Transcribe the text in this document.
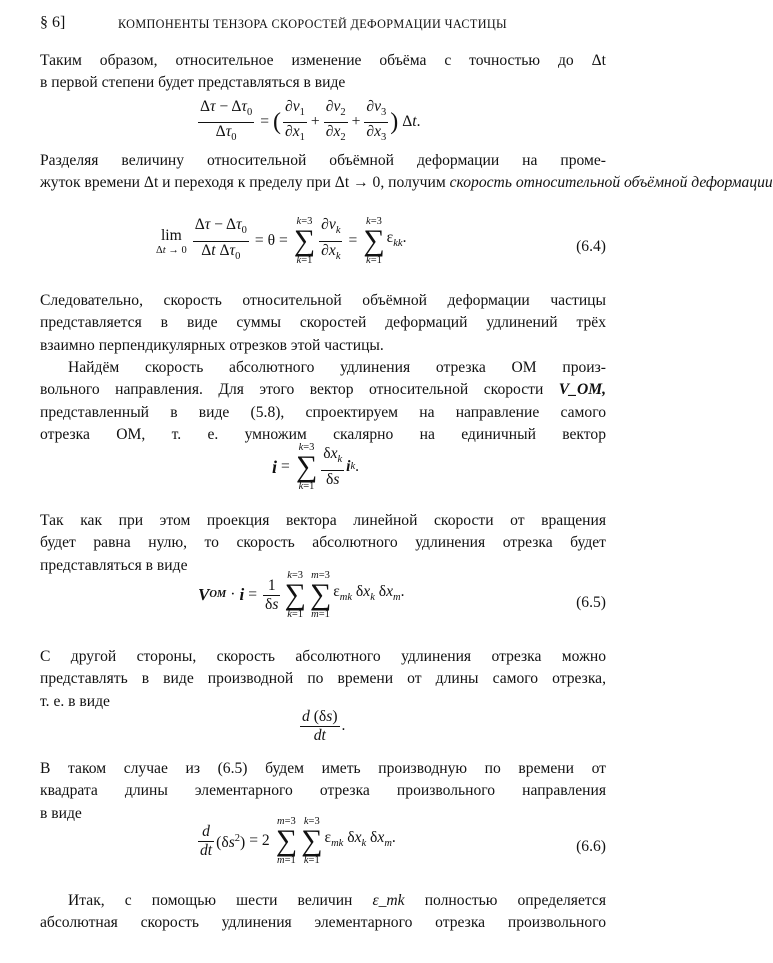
§ 6]	КОМПОНЕНТЫ ТЕНЗОРА СКОРОСТЕЙ ДЕФОРМАЦИИ ЧАСТИЦЫ
Таким образом, относительное изменение объёма с точностью до Δt
в первой степени будет представляться в виде
$\frac{\Delta\tau - \Delta\tau_0}{\Delta\tau_0}$ = ( $\frac{\partial v_1}{\partial x_1} + \frac{\partial v_2}{\partial x_2} + \frac{\partial v_3}{\partial x_3}$ ) Δt.
Разделяя величину относительной объёмной деформации на проме-
жуток времени Δt и переходя к пределу при Δt → 0, получим скорость относительной объёмной деформации
lim
$\Delta t \to 0 \frac{\Delta\tau - \Delta\tau_0}{\Delta t \Delta\tau_0} = \theta$ =
k=3
∑
$k=1 \frac{\partial v_k}{\partial x_k}$ =
k=3
∑
k=1
$\varepsilon_{kk}$.
(6.4)
Следовательно, скорость относительной объёмной деформации частицы
представляется в виде суммы скоростей деформаций удлинений трёх
взаимно перпендикулярных отрезков этой частицы.
Найдём скорость абсолютного удлинения отрезка OM произ-
вольного направления. Для этого вектор относительной скорости V_OM,
представленный в виде (5.8), спроектируем на направление самого
отрезка OM, т. е. умножим скалярно на единичный вектор
i =
k=3
∑
$k=1 \frac{\delta x_k}{\delta s}$ i k .
Так как при этом проекция вектора линейной скорости от вращения
будет равна нулю, то скорость абсолютного удлинения отрезка будет
представляться в виде
V OM · $i = \frac{1}{\delta s}$
k=3
∑
k=1
m=3
∑
m=1
$\varepsilon_{mk}$ $\delta x_k$ $\delta x_m$.
(6.5)
С другой стороны, скорость абсолютного удлинения отрезка можно
представлять в виде производной по времени от длины самого отрезка,
т. е. в виде
$\frac{d (\delta s)}{dt}$ .
В таком случае из (6.5) будем иметь производную по времени от
квадрата длины элементарного отрезка произвольного направления
в виде
$\frac{d}{dt} (\delta s^2) = 2$
m=3
∑
m=1
k=3
∑
k=1
$\varepsilon_{mk}$ $\delta x_k$ $\delta x_m$.
(6.6)
Итак, с помощью шести величин ε_mk полностью определяется
абсолютная скорость удлинения элементарного отрезка произвольного
